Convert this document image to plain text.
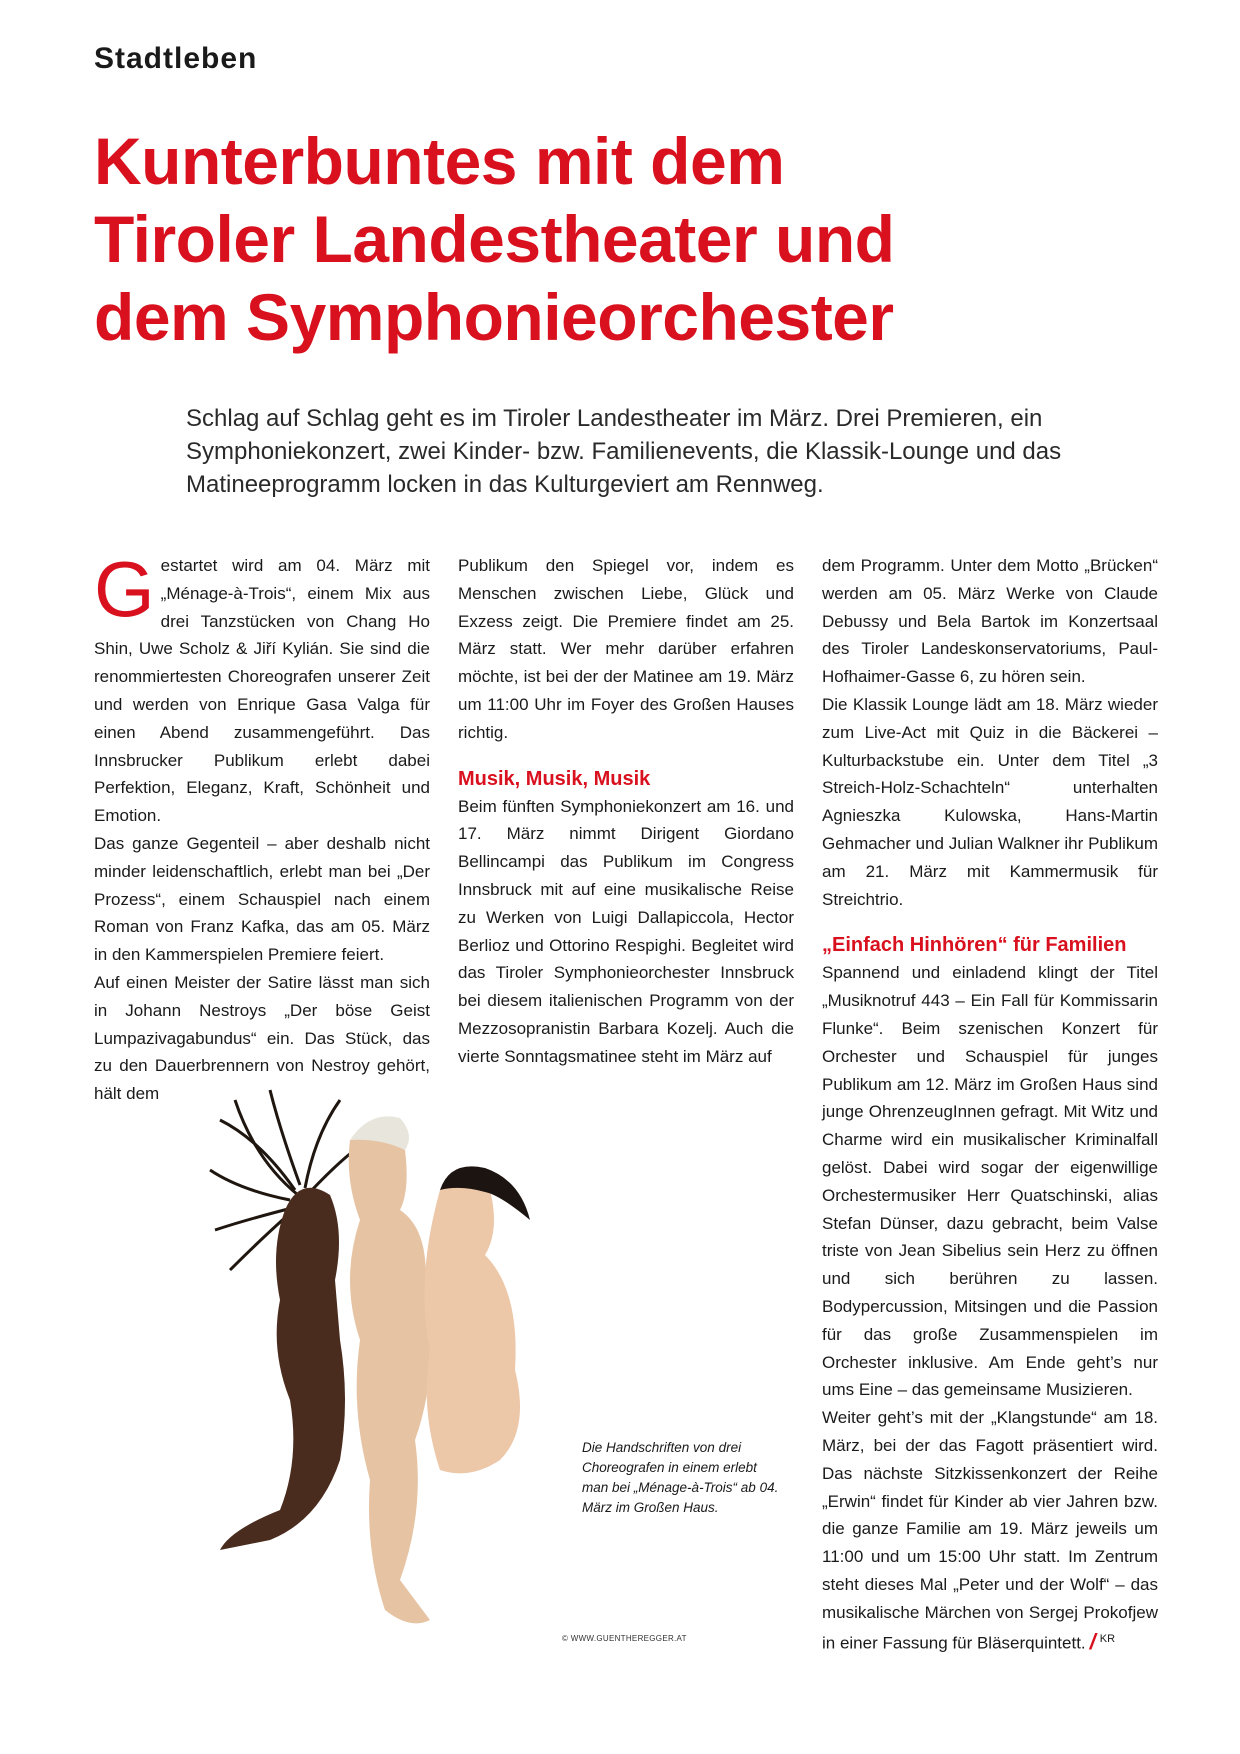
Stadtleben
Kunterbuntes mit dem
Tiroler Landestheater und
dem Symphonieorchester

Schlag auf Schlag geht es im Tiroler Landestheater im März. Drei Premieren, ein Symphoniekonzert, zwei Kinder- bzw. Familienevents, die Klassik-Lounge und das Matineeprogramm locken in das Kulturgeviert am Rennweg.

Gestartet wird am 04. März mit „Ménage-à-Trois“, einem Mix aus drei Tanzstücken von Chang Ho Shin, Uwe Scholz & Jiří Kylián. Sie sind die renommiertesten Choreografen unserer Zeit und werden von Enrique Gasa Valga für einen Abend zusammengeführt. Das Innsbrucker Publikum erlebt dabei Perfektion, Eleganz, Kraft, Schönheit und Emotion.

Das ganze Gegenteil – aber deshalb nicht minder leidenschaftlich, erlebt man bei „Der Prozess“, einem Schauspiel nach einem Roman von Franz Kafka, das am 05. März in den Kammerspielen Premiere feiert.

Auf einen Meister der Satire lässt man sich in Johann Nestroys „Der böse Geist Lumpazivagabundus“ ein. Das Stück, das zu den Dauerbrennern von Nestroy gehört, hält dem

Publikum den Spiegel vor, indem es Menschen zwischen Liebe, Glück und Exzess zeigt. Die Premiere findet am 25. März statt. Wer mehr darüber erfahren möchte, ist bei der der Matinee am 19. März um 11:00 Uhr im Foyer des Großen Hauses richtig.

Musik, Musik, Musik

Beim fünften Symphoniekonzert am 16. und 17. März nimmt Dirigent Giordano Bellincampi das Publikum im Congress Innsbruck mit auf eine musikalische Reise zu Werken von Luigi Dallapiccola, Hector Berlioz und Ottorino Respighi. Begleitet wird das Tiroler Symphonieorchester Innsbruck bei diesem italienischen Programm von der Mezzosopranistin Barbara Kozelj. Auch die vierte Sonntagsmatinee steht im März auf

dem Programm. Unter dem Motto „Brücken“ werden am 05. März Werke von Claude Debussy und Bela Bartok im Konzertsaal des Tiroler Landeskonservatoriums, Paul-Hofhaimer-Gasse 6, zu hören sein.

Die Klassik Lounge lädt am 18. März wieder zum Live-Act mit Quiz in die Bäckerei – Kulturbackstube ein. Unter dem Titel „3 Streich-Holz-Schachteln“ unterhalten Agnieszka Kulowska, Hans-Martin Gehmacher und Julian Walkner ihr Publikum am 21. März mit Kammermusik für Streichtrio.

„Einfach Hinhören“ für Familien

Spannend und einladend klingt der Titel „Musiknotruf 443 – Ein Fall für Kommissarin Flunke“. Beim szenischen Konzert für Orchester und Schauspiel für junges Publikum am 12. März im Großen Haus sind junge OhrenzeugInnen gefragt. Mit Witz und Charme wird ein musikalischer Kriminalfall gelöst. Dabei wird sogar der eigenwillige Orchestermusiker Herr Quatschinski, alias Stefan Dünser, dazu gebracht, beim Valse triste von Jean Sibelius sein Herz zu öffnen und sich berühren zu lassen. Bodypercussion, Mitsingen und die Passion für das große Zusammenspielen im Orchester inklusive. Am Ende geht’s nur ums Eine – das gemeinsame Musizieren.

Weiter geht’s mit der „Klangstunde“ am 18. März, bei der das Fagott präsentiert wird. Das nächste Sitzkissenkonzert der Reihe „Erwin“ findet für Kinder ab vier Jahren bzw. die ganze Familie am 19. März jeweils um 11:00 und um 15:00 Uhr statt. Im Zentrum steht dieses Mal „Peter und der Wolf“ – das musikalische Märchen von Sergej Prokofjew in einer Fassung für Bläserquintett. / $^{KR}$

Die Handschriften von drei Choreografen in einem erlebt man bei „Ménage-à-Trois“ ab 04. März im Großen Haus.
© WWW.GUENTHEREGGER.AT
